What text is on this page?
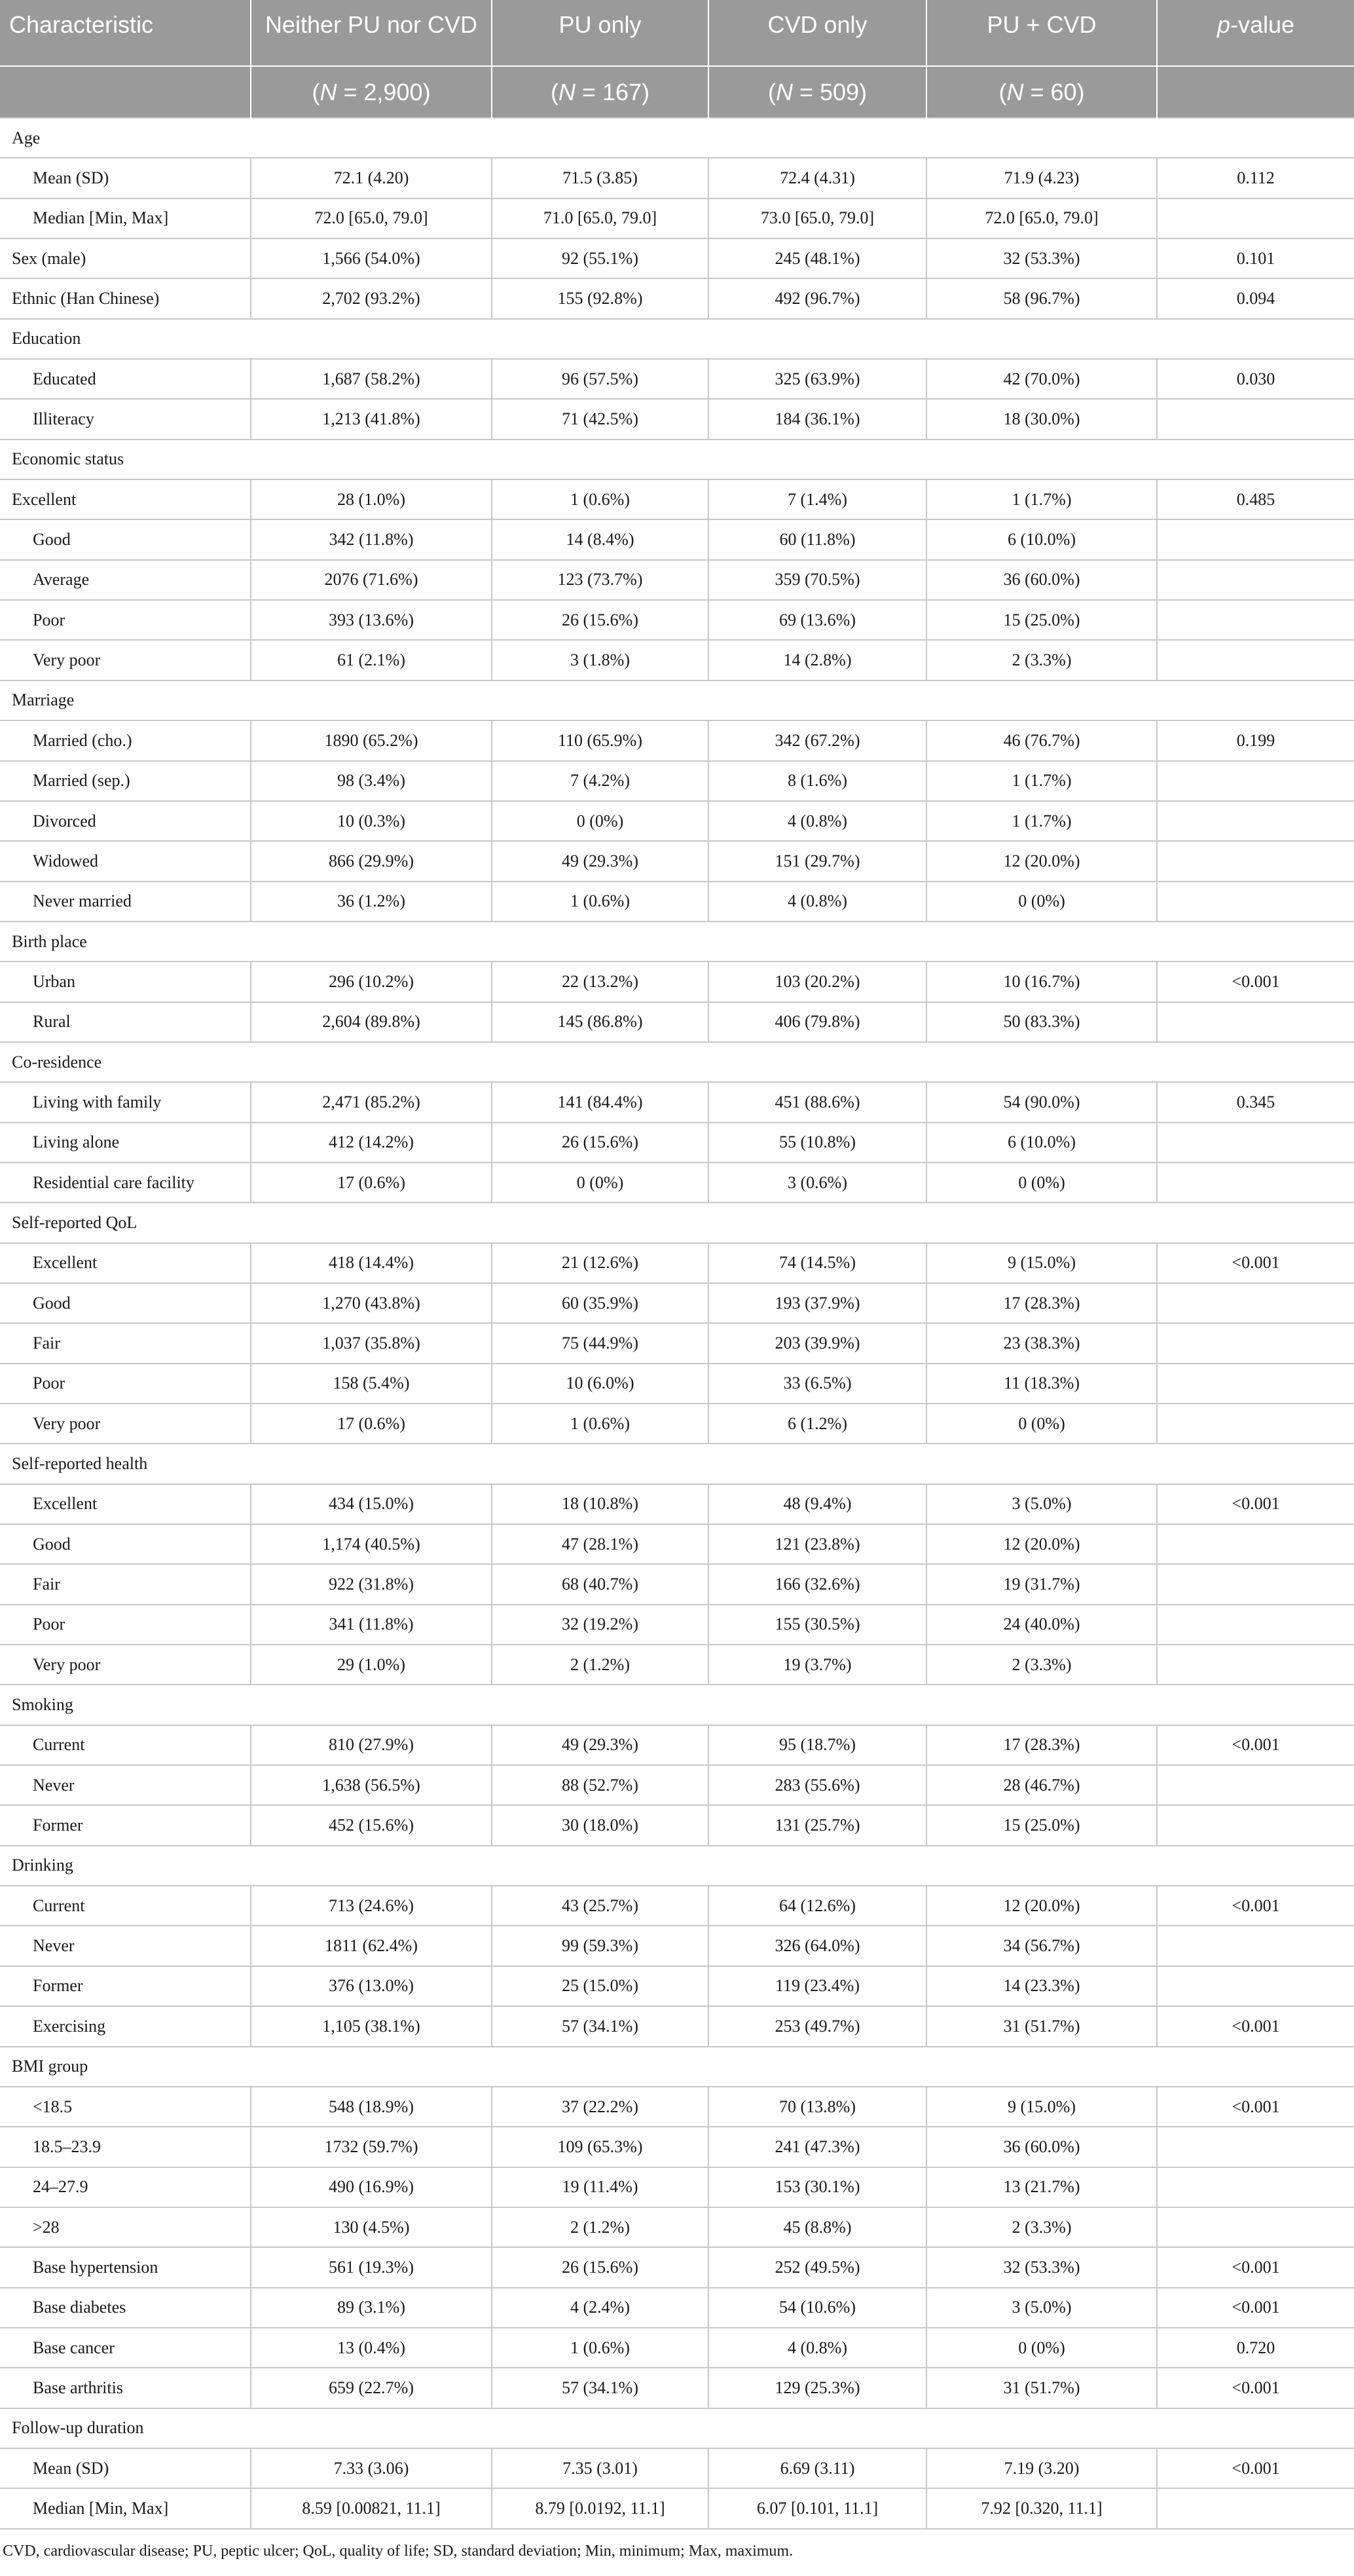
Characteristic	Neither PU nor CVD	PU only	CVD only	PU + CVD	p-value
	(N = 2,900)	(N = 167)	(N = 509)	(N = 60)	
Age					
Mean (SD)	72.1 (4.20)	71.5 (3.85)	72.4 (4.31)	71.9 (4.23)	0.112
Median [Min, Max]	72.0 [65.0, 79.0]	71.0 [65.0, 79.0]	73.0 [65.0, 79.0]	72.0 [65.0, 79.0]	
Sex (male)	1,566 (54.0%)	92 (55.1%)	245 (48.1%)	32 (53.3%)	0.101
Ethnic (Han Chinese)	2,702 (93.2%)	155 (92.8%)	492 (96.7%)	58 (96.7%)	0.094
Education					
Educated	1,687 (58.2%)	96 (57.5%)	325 (63.9%)	42 (70.0%)	0.030
Illiteracy	1,213 (41.8%)	71 (42.5%)	184 (36.1%)	18 (30.0%)	
Economic status					
Excellent	28 (1.0%)	1 (0.6%)	7 (1.4%)	1 (1.7%)	0.485
Good	342 (11.8%)	14 (8.4%)	60 (11.8%)	6 (10.0%)	
Average	2076 (71.6%)	123 (73.7%)	359 (70.5%)	36 (60.0%)	
Poor	393 (13.6%)	26 (15.6%)	69 (13.6%)	15 (25.0%)	
Very poor	61 (2.1%)	3 (1.8%)	14 (2.8%)	2 (3.3%)	
Marriage					
Married (cho.)	1890 (65.2%)	110 (65.9%)	342 (67.2%)	46 (76.7%)	0.199
Married (sep.)	98 (3.4%)	7 (4.2%)	8 (1.6%)	1 (1.7%)	
Divorced	10 (0.3%)	0 (0%)	4 (0.8%)	1 (1.7%)	
Widowed	866 (29.9%)	49 (29.3%)	151 (29.7%)	12 (20.0%)	
Never married	36 (1.2%)	1 (0.6%)	4 (0.8%)	0 (0%)	
Birth place					
Urban	296 (10.2%)	22 (13.2%)	103 (20.2%)	10 (16.7%)	<0.001
Rural	2,604 (89.8%)	145 (86.8%)	406 (79.8%)	50 (83.3%)	
Co-residence					
Living with family	2,471 (85.2%)	141 (84.4%)	451 (88.6%)	54 (90.0%)	0.345
Living alone	412 (14.2%)	26 (15.6%)	55 (10.8%)	6 (10.0%)	
Residential care facility	17 (0.6%)	0 (0%)	3 (0.6%)	0 (0%)	
Self-reported QoL					
Excellent	418 (14.4%)	21 (12.6%)	74 (14.5%)	9 (15.0%)	<0.001
Good	1,270 (43.8%)	60 (35.9%)	193 (37.9%)	17 (28.3%)	
Fair	1,037 (35.8%)	75 (44.9%)	203 (39.9%)	23 (38.3%)	
Poor	158 (5.4%)	10 (6.0%)	33 (6.5%)	11 (18.3%)	
Very poor	17 (0.6%)	1 (0.6%)	6 (1.2%)	0 (0%)	
Self-reported health					
Excellent	434 (15.0%)	18 (10.8%)	48 (9.4%)	3 (5.0%)	<0.001
Good	1,174 (40.5%)	47 (28.1%)	121 (23.8%)	12 (20.0%)	
Fair	922 (31.8%)	68 (40.7%)	166 (32.6%)	19 (31.7%)	
Poor	341 (11.8%)	32 (19.2%)	155 (30.5%)	24 (40.0%)	
Very poor	29 (1.0%)	2 (1.2%)	19 (3.7%)	2 (3.3%)	
Smoking					
Current	810 (27.9%)	49 (29.3%)	95 (18.7%)	17 (28.3%)	<0.001
Never	1,638 (56.5%)	88 (52.7%)	283 (55.6%)	28 (46.7%)	
Former	452 (15.6%)	30 (18.0%)	131 (25.7%)	15 (25.0%)	
Drinking					
Current	713 (24.6%)	43 (25.7%)	64 (12.6%)	12 (20.0%)	<0.001
Never	1811 (62.4%)	99 (59.3%)	326 (64.0%)	34 (56.7%)	
Former	376 (13.0%)	25 (15.0%)	119 (23.4%)	14 (23.3%)	
Exercising	1,105 (38.1%)	57 (34.1%)	253 (49.7%)	31 (51.7%)	<0.001
BMI group					
<18.5	548 (18.9%)	37 (22.2%)	70 (13.8%)	9 (15.0%)	<0.001
18.5–23.9	1732 (59.7%)	109 (65.3%)	241 (47.3%)	36 (60.0%)	
24–27.9	490 (16.9%)	19 (11.4%)	153 (30.1%)	13 (21.7%)	
>28	130 (4.5%)	2 (1.2%)	45 (8.8%)	2 (3.3%)	
Base hypertension	561 (19.3%)	26 (15.6%)	252 (49.5%)	32 (53.3%)	<0.001
Base diabetes	89 (3.1%)	4 (2.4%)	54 (10.6%)	3 (5.0%)	<0.001
Base cancer	13 (0.4%)	1 (0.6%)	4 (0.8%)	0 (0%)	0.720
Base arthritis	659 (22.7%)	57 (34.1%)	129 (25.3%)	31 (51.7%)	<0.001
Follow-up duration					
Mean (SD)	7.33 (3.06)	7.35 (3.01)	6.69 (3.11)	7.19 (3.20)	<0.001
Median [Min, Max]	8.59 [0.00821, 11.1]	8.79 [0.0192, 11.1]	6.07 [0.101, 11.1]	7.92 [0.320, 11.1]	
CVD, cardiovascular disease; PU, peptic ulcer; QoL, quality of life; SD, standard deviation; Min, minimum; Max, maximum.
